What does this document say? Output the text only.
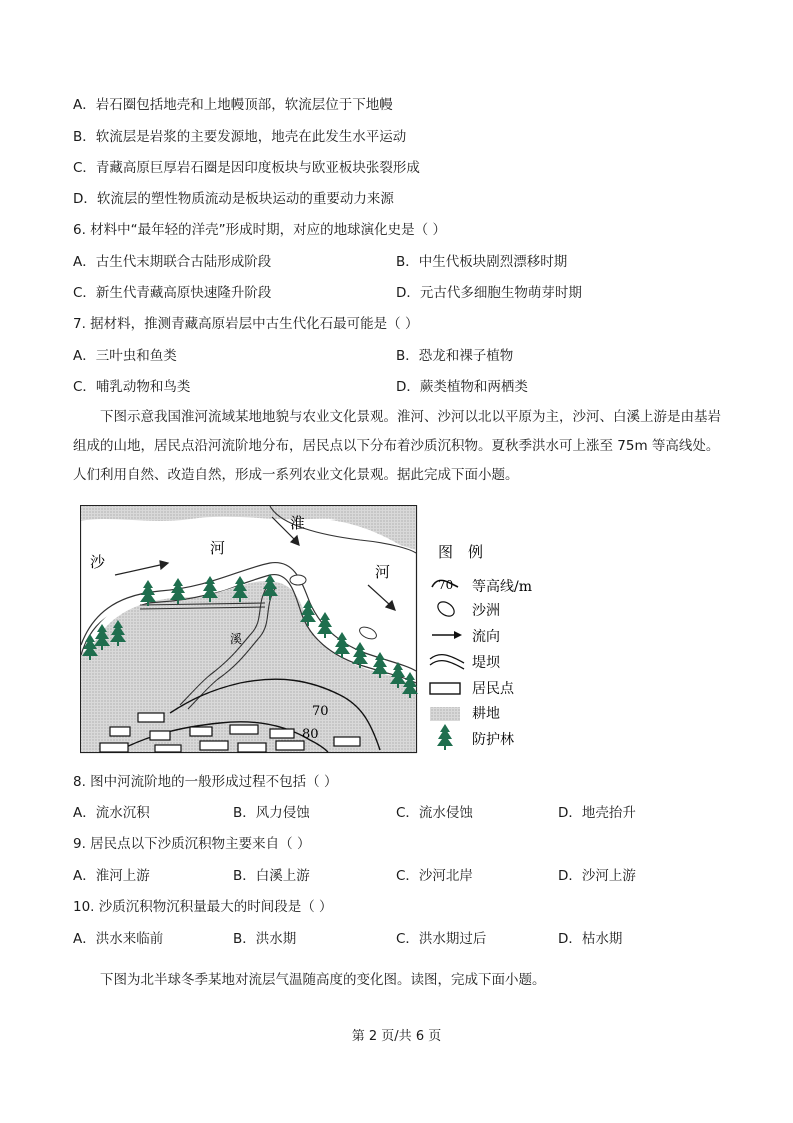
A．岩石圈包括地壳和上地幔顶部，软流层位于下地幔
B．软流层是岩浆的主要发源地，地壳在此发生水平运动
C．青藏高原巨厚岩石圈是因印度板块与欧亚板块张裂形成
D．软流层的塑性物质流动是板块运动的重要动力来源
6. 材料中“最年轻的洋壳”形成时期，对应的地球演化史是（ ）
A．古生代末期联合古陆形成阶段	B．中生代板块剧烈漂移时期
C．新生代青藏高原快速隆升阶段	D．元古代多细胞生物萌芽时期
7. 据材料，推测青藏高原岩层中古生代化石最可能是（ ）
A．三叶虫和鱼类	B．恐龙和裸子植物
C．哺乳动物和鸟类	D．蕨类植物和两栖类
下图示意我国淮河流域某地地貌与农业文化景观。淮河、沙河以北以平原为主，沙河、白溪上游是由基岩组成的山地，居民点沿河流阶地分布，居民点以下分布着沙质沉积物。夏秋季洪水可上涨至 75m 等高线处。人们利用自然、改造自然，形成一系列农业文化景观。据此完成下面小题。
淮
河
沙
河
溪
70
80
图　例
70 等高线/m
沙洲
流向
堤坝
居民点
耕地
防护林
8. 图中河流阶地的一般形成过程不包括（ ）
A．流水沉积	B．风力侵蚀	C．流水侵蚀	D．地壳抬升
9. 居民点以下沙质沉积物主要来自（ ）
A．淮河上游	B．白溪上游	C．沙河北岸	D．沙河上游
10. 沙质沉积物沉积量最大的时间段是（ ）
A．洪水来临前	B．洪水期	C．洪水期过后	D．枯水期
下图为北半球冬季某地对流层气温随高度的变化图。读图，完成下面小题。
第 2 页/共 6 页
